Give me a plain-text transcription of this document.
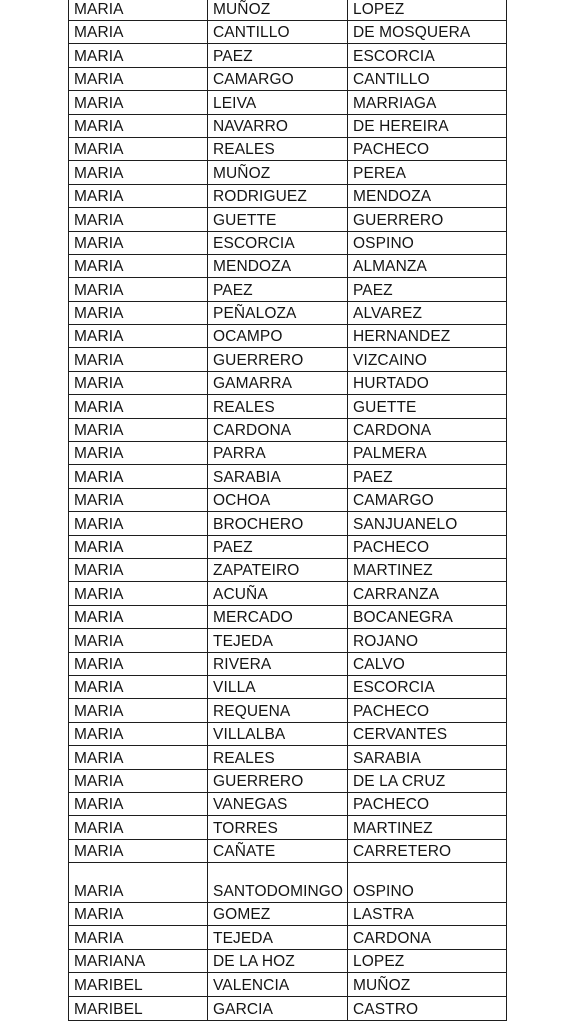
MARIA	MUÑOZ	LOPEZ
MARIA	CANTILLO	DE MOSQUERA
MARIA	PAEZ	ESCORCIA
MARIA	CAMARGO	CANTILLO
MARIA	LEIVA	MARRIAGA
MARIA	NAVARRO	DE HEREIRA
MARIA	REALES	PACHECO
MARIA	MUÑOZ	PEREA
MARIA	RODRIGUEZ	MENDOZA
MARIA	GUETTE	GUERRERO
MARIA	ESCORCIA	OSPINO
MARIA	MENDOZA	ALMANZA
MARIA	PAEZ	PAEZ
MARIA	PEÑALOZA	ALVAREZ
MARIA	OCAMPO	HERNANDEZ
MARIA	GUERRERO	VIZCAINO
MARIA	GAMARRA	HURTADO
MARIA	REALES	GUETTE
MARIA	CARDONA	CARDONA
MARIA	PARRA	PALMERA
MARIA	SARABIA	PAEZ
MARIA	OCHOA	CAMARGO
MARIA	BROCHERO	SANJUANELO
MARIA	PAEZ	PACHECO
MARIA	ZAPATEIRO	MARTINEZ
MARIA	ACUÑA	CARRANZA
MARIA	MERCADO	BOCANEGRA
MARIA	TEJEDA	ROJANO
MARIA	RIVERA	CALVO
MARIA	VILLA	ESCORCIA
MARIA	REQUENA	PACHECO
MARIA	VILLALBA	CERVANTES
MARIA	REALES	SARABIA
MARIA	GUERRERO	DE LA CRUZ
MARIA	VANEGAS	PACHECO
MARIA	TORRES	MARTINEZ
MARIA	CAÑATE	CARRETERO
MARIA	SANTODOMINGO	OSPINO
MARIA	GOMEZ	LASTRA
MARIA	TEJEDA	CARDONA
MARIANA	DE LA HOZ	LOPEZ
MARIBEL	VALENCIA	MUÑOZ
MARIBEL	GARCIA	CASTRO
